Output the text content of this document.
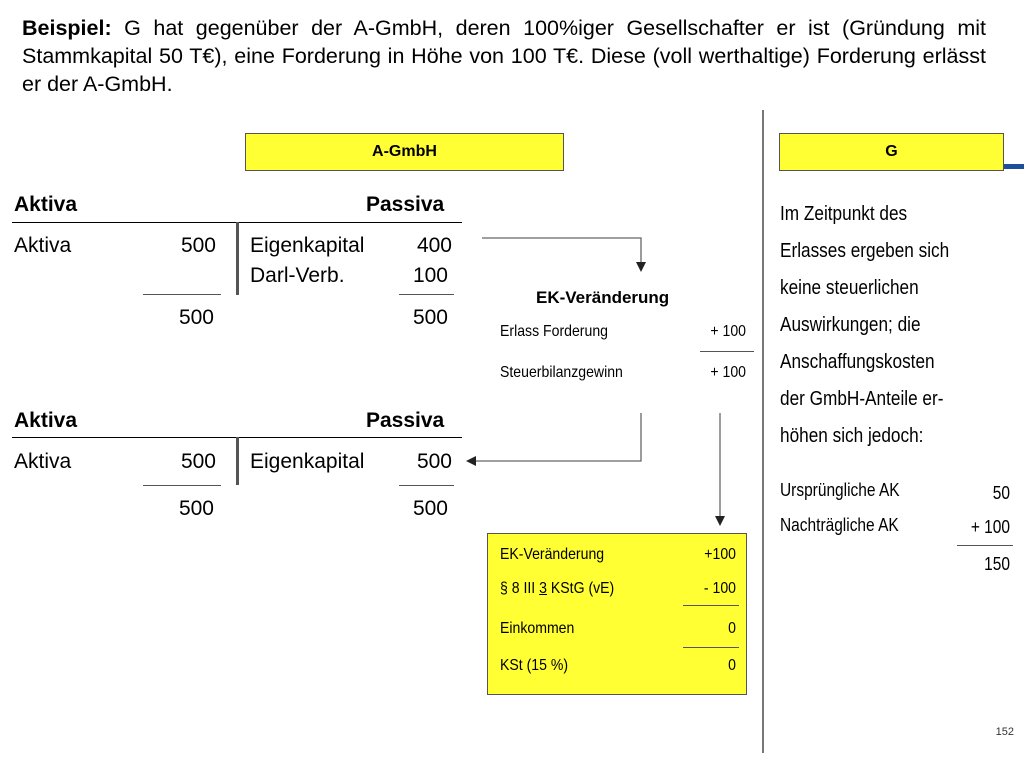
Beispiel: G hat gegenüber der A-GmbH, deren 100%iger Gesellschafter er ist (Gründung mit Stammkapital 50 T€), eine Forderung in Höhe von 100 T€. Diese (voll werthaltige) Forderung erlässt er der A-GmbH.
A-GmbH	G
Aktiva	Passiva
Aktiva	500 Eigenkapital	400
Darl-Verb.	100
500	500
Aktiva	Passiva
Aktiva	500 Eigenkapital	500
500	500
EK-Veränderung
Erlass Forderung	+ 100
Steuerbilanzgewinn	+ 100
EK-Veränderung	+100
§ 8 III 3 KStG (vE)	- 100
Einkommen	0
KSt (15 %)	0
Im Zeitpunkt des
Erlasses ergeben sich
keine steuerlichen
Auswirkungen; die
Anschaffungskosten
der GmbH-Anteile er-
höhen sich jedoch:
Ursprüngliche AK	50
Nachträgliche AK	+ 100
150
152
